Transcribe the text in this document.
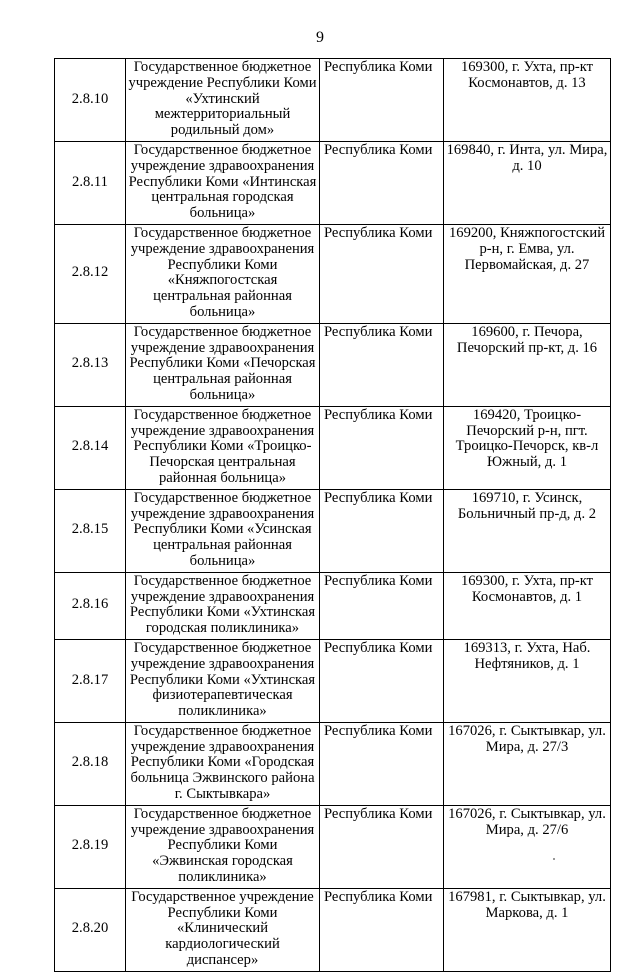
9
2.8.10	Государственное бюджетное учреждение Республики Коми «Ухтинский межтерриториальный родильный дом»	Республика Коми	169300, г. Ухта, пр-кт Космонавтов, д. 13
2.8.11	Государственное бюджетное учреждение здравоохранения Республики Коми «Интинская центральная городская больница»	Республика Коми	169840, г. Инта, ул. Мира, д. 10
2.8.12	Государственное бюджетное учреждение здравоохранения Республики Коми «Княжпогостская центральная районная больница»	Республика Коми	169200, Княжпогостский р-н, г. Емва, ул. Первомайская, д. 27
2.8.13	Государственное бюджетное учреждение здравоохранения Республики Коми «Печорская центральная районная больница»	Республика Коми	169600, г. Печора, Печорский пр-кт, д. 16
2.8.14	Государственное бюджетное учреждение здравоохранения Республики Коми «Троицко-Печорская центральная районная больница»	Республика Коми	169420, Троицко-Печорский р-н, пгт. Троицко-Печорск, кв-л Южный, д. 1
2.8.15	Государственное бюджетное учреждение здравоохранения Республики Коми «Усинская центральная районная больница»	Республика Коми	169710, г. Усинск, Больничный пр-д, д. 2
2.8.16	Государственное бюджетное учреждение здравоохранения Республики Коми «Ухтинская городская поликлиника»	Республика Коми	169300, г. Ухта, пр-кт Космонавтов, д. 1
2.8.17	Государственное бюджетное учреждение здравоохранения Республики Коми «Ухтинская физиотерапевтическая поликлиника»	Республика Коми	169313, г. Ухта, Наб. Нефтяников, д. 1
2.8.18	Государственное бюджетное учреждение здравоохранения Республики Коми «Городская больница Эжвинского района г. Сыктывкара»	Республика Коми	167026, г. Сыктывкар, ул. Мира, д. 27/3
2.8.19	Государственное бюджетное учреждение здравоохранения Республики Коми «Эжвинская городская поликлиника»	Республика Коми	167026, г. Сыктывкар, ул. Мира, д. 27/6
2.8.20	Государственное учреждение Республики Коми «Клинический кардиологический диспансер»	Республика Коми	167981, г. Сыктывкар, ул. Маркова, д. 1
